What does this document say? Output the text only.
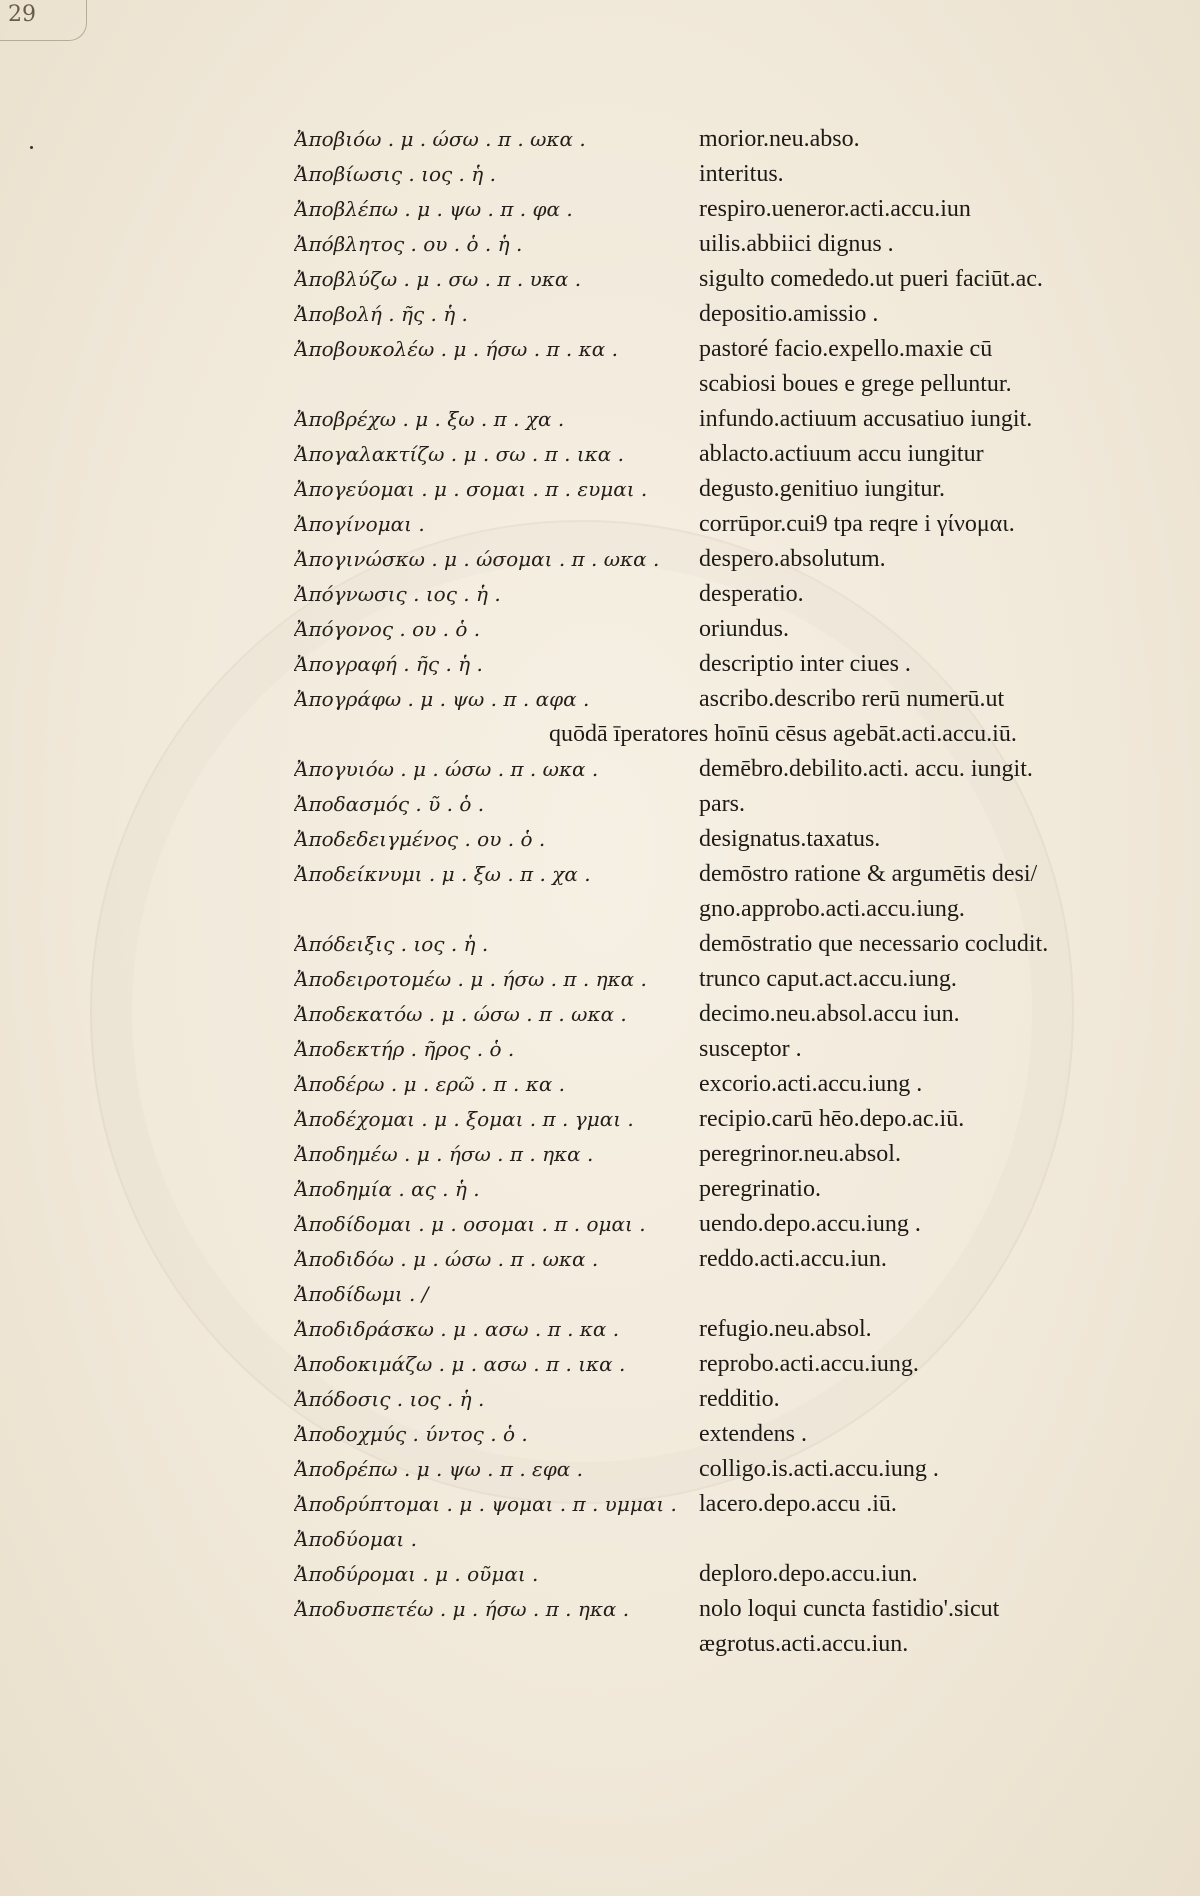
29
Ἀποβιόω . μ . ώσω . π . ωκα .	morior.neu.abso.
Ἀποβίωσις . ιος . ἡ .	interitus.
Ἀποβλέπω . μ . ψω . π . φα .	respiro.ueneror.acti.accu.iun
Ἀπόβλητος . ου . ὁ . ἡ .	uilis.abbiici dignus .
Ἀποβλύζω . μ . σω . π . υκα .	sigulto comededo.ut pueri faciūt.ac.
Ἀποβολή . ῆς . ἡ .	depositio.amissio .
Ἀποβουκολέω . μ . ήσω . π . κα .	pastoré facio.expello.maxie cū
scabiosi boues e grege pelluntur.
Ἀποβρέχω . μ . ξω . π . χα .	infundo.actiuum accusatiuo iungit.
Ἀπογαλακτίζω . μ . σω . π . ικα .	ablacto.actiuum accu iungitur
Ἀπογεύομαι . μ . σομαι . π . ευμαι .	degusto.genitiuo iungitur.
Ἀπογίνομαι .	corrūpor.cui9 tpa reqre i γίνομαι.
Ἀπογινώσκω . μ . ώσομαι . π . ωκα .	despero.absolutum.
Ἀπόγνωσις . ιος . ἡ .	desperatio.
Ἀπόγονος . ου . ὁ .	oriundus.
Ἀπογραφή . ῆς . ἡ .	descriptio inter ciues .
Ἀπογράφω . μ . ψω . π . αφα .	ascribo.describo rerū numerū.ut
quōdā īperatores hoīnū cēsus agebāt.acti.accu.iū.
Ἀπογυιόω . μ . ώσω . π . ωκα .	demēbro.debilito.acti. accu. iungit.
Ἀποδασμός . ῦ . ὁ .	pars.
Ἀποδεδειγμένος . ου . ὁ .	designatus.taxatus.
Ἀποδείκνυμι . μ . ξω . π . χα .	demōstro ratione & argumētis desi/
gno.approbo.acti.accu.iung.
Ἀπόδειξις . ιος . ἡ .	demōstratio que necessario cocludit.
Ἀποδειροτομέω . μ . ήσω . π . ηκα .	trunco caput.act.accu.iung.
Ἀποδεκατόω . μ . ώσω . π . ωκα .	decimo.neu.absol.accu iun.
Ἀποδεκτήρ . ῆρος . ὁ .	susceptor .
Ἀποδέρω . μ . ερῶ . π . κα .	excorio.acti.accu.iung .
Ἀποδέχομαι . μ . ξομαι . π . γμαι .	recipio.carū hēo.depo.ac.iū.
Ἀποδημέω . μ . ήσω . π . ηκα .	peregrinor.neu.absol.
Ἀποδημία . ας . ἡ .	peregrinatio.
Ἀποδίδομαι . μ . οσομαι . π . ομαι .	uendo.depo.accu.iung .
Ἀποδιδόω . μ . ώσω . π . ωκα .	reddo.acti.accu.iun.
Ἀποδίδωμι . /
Ἀποδιδράσκω . μ . ασω . π . κα .	refugio.neu.absol.
Ἀποδοκιμάζω . μ . ασω . π . ικα .	reprobo.acti.accu.iung.
Ἀπόδοσις . ιος . ἡ .	redditio.
Ἀποδοχμύς . ύντος . ὁ .	extendens .
Ἀποδρέπω . μ . ψω . π . εφα .	colligo.is.acti.accu.iung .
Ἀποδρύπτομαι . μ . ψομαι . π . υμμαι . lacero.depo.accu .iū.
Ἀποδύομαι .
Ἀποδύρομαι . μ . οῦμαι .	deploro.depo.accu.iun.
Ἀποδυσπετέω . μ . ήσω . π . ηκα .	nolo loqui cuncta fastidio'.sicut
ægrotus.acti.accu.iun.
